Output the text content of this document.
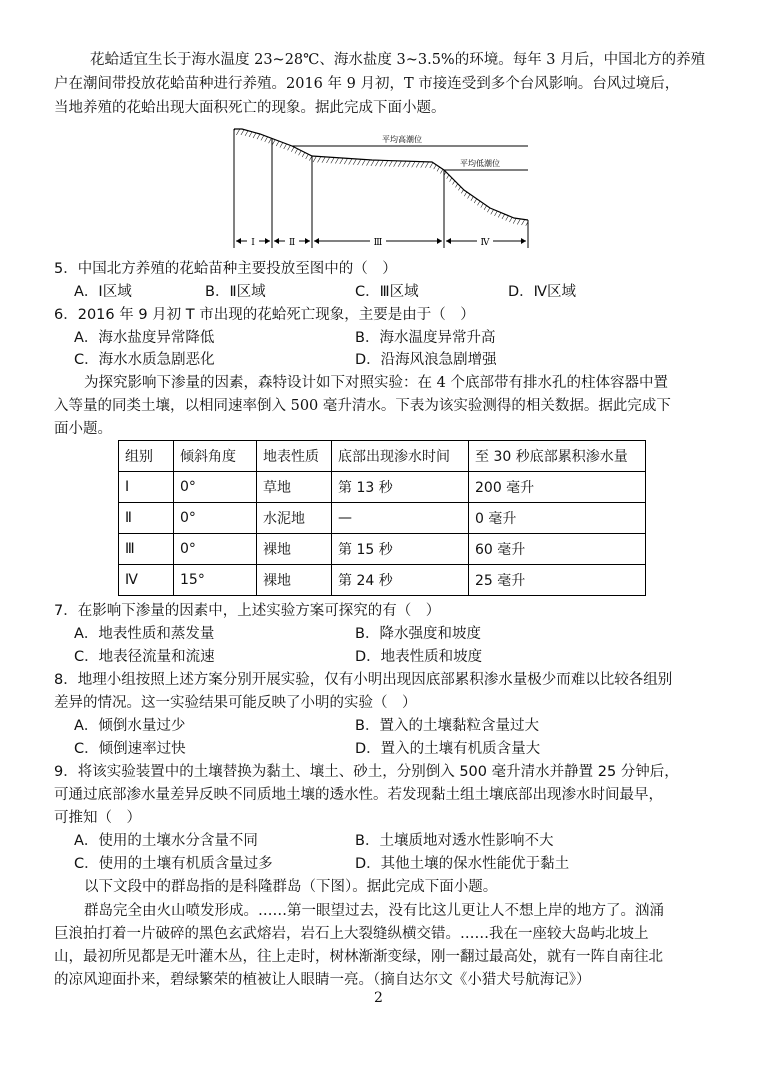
花蛤适宜生长于海水温度 23~28℃、海水盐度 3~3.5%的环境。每年 3 月后，中国北方的养殖
户在潮间带投放花蛤苗种进行养殖。2016 年 9 月初，T 市接连受到多个台风影响。台风过境后，
当地养殖的花蛤出现大面积死亡的现象。据此完成下面小题。
Ⅰ	Ⅱ	Ⅲ	Ⅳ
平均高潮位
平均低潮位
5．中国北方养殖的花蛤苗种主要投放至图中的（　）
A．Ⅰ区域	B．Ⅱ区域	C．Ⅲ区域	D．Ⅳ区域
6．2016 年 9 月初 T 市出现的花蛤死亡现象，主要是由于（　）
A．海水盐度异常降低	B．海水温度异常升高
C．海水水质急剧恶化	D．沿海风浪急剧增强
为探究影响下渗量的因素，森特设计如下对照实验：在 4 个底部带有排水孔的柱体容器中置
入等量的同类土壤，以相同速率倒入 500 毫升清水。下表为该实验测得的相关数据。据此完成下
面小题。
组别	倾斜角度	地表性质	底部出现渗水时间	至 30 秒底部累积渗水量
Ⅰ	0°	草地	第 13 秒	200 毫升
Ⅱ	0°	水泥地	—	0 毫升
Ⅲ	0°	裸地	第 15 秒	60 毫升
Ⅳ	15°	裸地	第 24 秒	25 毫升
7．在影响下渗量的因素中，上述实验方案可探究的有（　）
A．地表性质和蒸发量	B．降水强度和坡度
C．地表径流量和流速	D．地表性质和坡度
8．地理小组按照上述方案分别开展实验，仅有小明出现因底部累积渗水量极少而难以比较各组别
差异的情况。这一实验结果可能反映了小明的实验（　）
A．倾倒水量过少	B．置入的土壤黏粒含量过大
C．倾倒速率过快	D．置入的土壤有机质含量大
9．将该实验装置中的土壤替换为黏土、壤土、砂土，分别倒入 500 毫升清水并静置 25 分钟后，
可通过底部渗水量差异反映不同质地土壤的透水性。若发现黏土组土壤底部出现渗水时间最早，
可推知（　）
A．使用的土壤水分含量不同	B．土壤质地对透水性影响不大
C．使用的土壤有机质含量过多	D．其他土壤的保水性能优于黏土
以下文段中的群岛指的是科隆群岛（下图）。据此完成下面小题。
群岛完全由火山喷发形成。……第一眼望过去，没有比这儿更让人不想上岸的地方了。汹涌
巨浪拍打着一片破碎的黑色玄武熔岩，岩石上大裂缝纵横交错。……我在一座较大岛屿北坡上
山，最初所见都是无叶灌木丛，往上走时，树林渐渐变绿，刚一翻过最高处，就有一阵自南往北
的凉风迎面扑来，碧绿繁荣的植被让人眼睛一亮。（摘自达尔文《小猎犬号航海记》）
2
